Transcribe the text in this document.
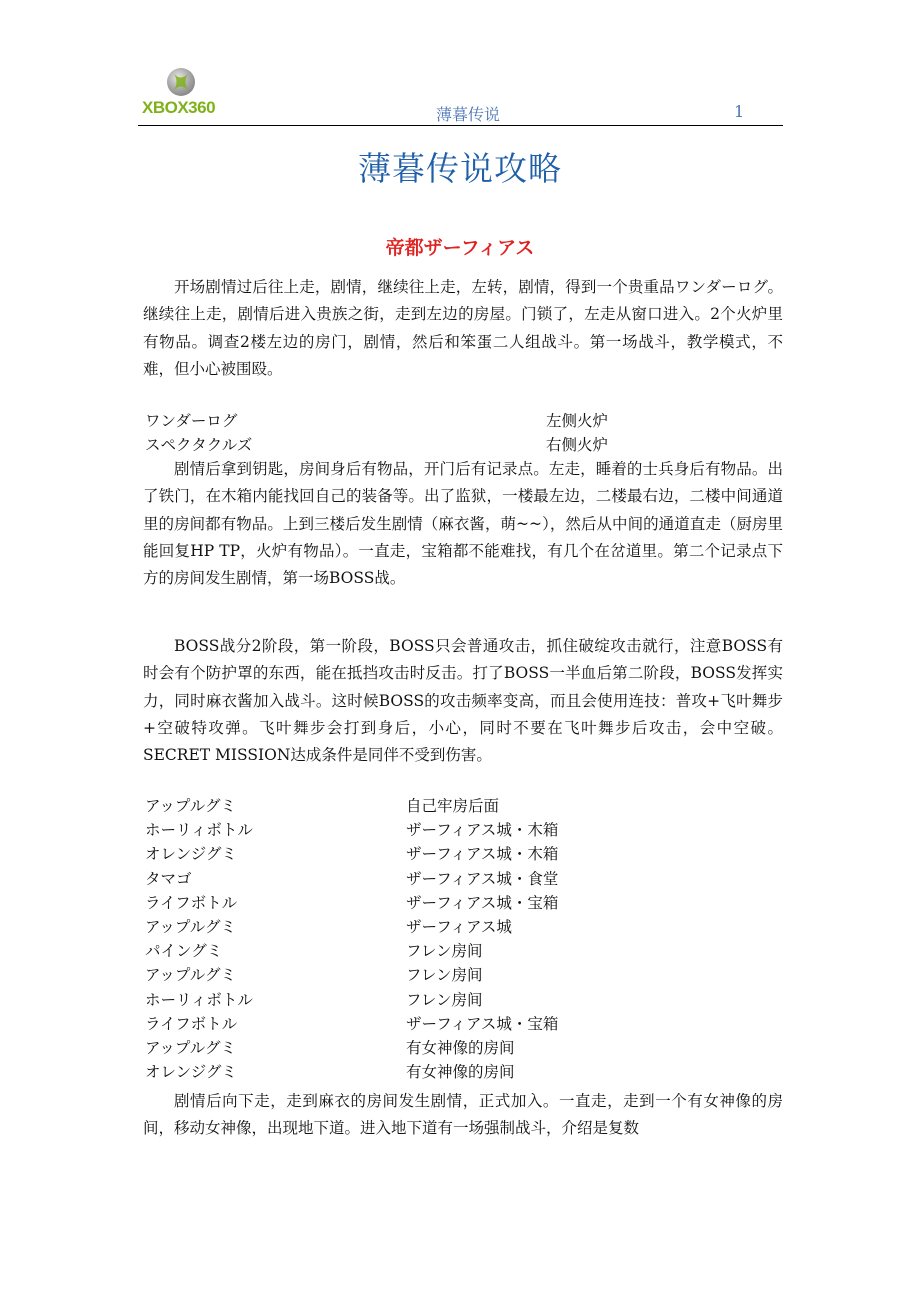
XBOX360	薄暮传说	1
薄暮传说攻略
帝都ザーフィアス

开场剧情过后往上走，剧情，继续往上走，左转，剧情，得到一个贵重品ワンダーログ。继续往上走，剧情后进入贵族之街，走到左边的房屋。门锁了，左走从窗口进入。2个火炉里有物品。调查2楼左边的房门，剧情，然后和笨蛋二人组战斗。第一场战斗，教学模式，不难，但小心被围殴。

ワンダーログ	左侧火炉
スペクタクルズ	右侧火炉

剧情后拿到钥匙，房间身后有物品，开门后有记录点。左走，睡着的士兵身后有物品。出了铁门，在木箱内能找回自己的装备等。出了监狱，一楼最左边，二楼最右边，二楼中间通道里的房间都有物品。上到三楼后发生剧情（麻衣酱，萌~~），然后从中间的通道直走（厨房里能回复HP TP，火炉有物品）。一直走，宝箱都不能难找，有几个在岔道里。第二个记录点下方的房间发生剧情，第一场BOSS战。

BOSS战分2阶段，第一阶段，BOSS只会普通攻击，抓住破绽攻击就行，注意BOSS有时会有个防护罩的东西，能在抵挡攻击时反击。打了BOSS一半血后第二阶段，BOSS发挥实力，同时麻衣酱加入战斗。这时候BOSS的攻击频率变高，而且会使用连技：普攻+飞叶舞步+空破特攻弹。飞叶舞步会打到身后，小心，同时不要在飞叶舞步后攻击，会中空破。SECRET MISSION达成条件是同伴不受到伤害。

アップルグミ	自己牢房后面
ホーリィボトル	ザーフィアス城・木箱
オレンジグミ	ザーフィアス城・木箱
タマゴ	ザーフィアス城・食堂
ライフボトル	ザーフィアス城・宝箱
アップルグミ	ザーフィアス城
パイングミ	フレン房间
アップルグミ	フレン房间
ホーリィボトル	フレン房间
ライフボトル	ザーフィアス城・宝箱
アップルグミ	有女神像的房间
オレンジグミ	有女神像的房间

剧情后向下走，走到麻衣的房间发生剧情，正式加入。一直走，走到一个有女神像的房间，移动女神像，出现地下道。进入地下道有一场强制战斗，介绍是复数
